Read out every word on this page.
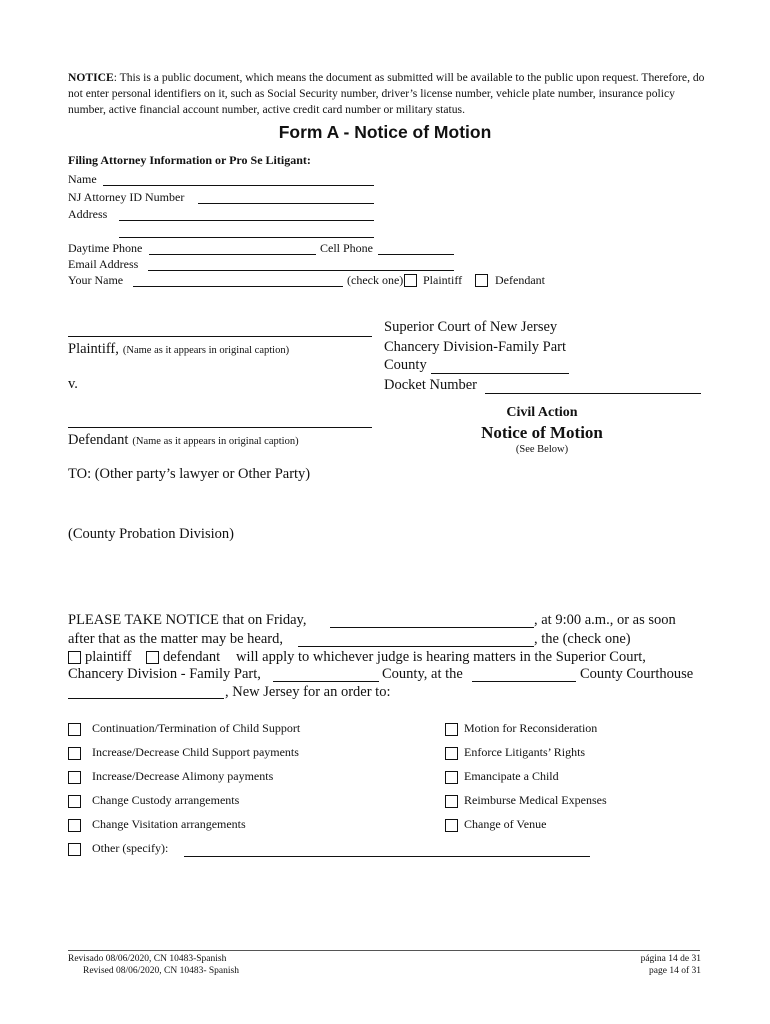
NOTICE: This is a public document, which means the document as submitted will be available to the public upon request. Therefore, do not enter personal identifiers on it, such as Social Security number, driver’s license number, vehicle plate number, insurance policy number, active financial account number, active credit card number or military status.
Form A - Notice of Motion
Filing Attorney Information or Pro Se Litigant:
Name
NJ Attorney ID Number
Address
Daytime Phone	Cell Phone
Email Address
Your Name	(check one) Plaintiff	Defendant
Plaintiff, (Name as it appears in original caption)
v.
Defendant (Name as it appears in original caption)
Superior Court of New Jersey
Chancery Division-Family Part
County
Docket Number
Civil Action
Notice of Motion
(See Below)
TO: (Other party’s lawyer or Other Party)
(County Probation Division)
PLEASE TAKE NOTICE that on Friday,	, at 9:00 a.m., or as soon
after that as the matter may be heard,	, the (check one)
plaintiff defendant will apply to whichever judge is hearing matters in the Superior Court,
Chancery Division - Family Part,	County, at the	County Courthouse
, New Jersey for an order to:
Continuation/Termination of Child Support
Increase/Decrease Child Support payments
Increase/Decrease Alimony payments
Change Custody arrangements
Change Visitation arrangements
Other (specify):
Motion for Reconsideration
Enforce Litigants’ Rights
Emancipate a Child
Reimburse Medical Expenses
Change of Venue
Revisado 08/06/2020, CN 10483-Spanish
Revised 08/06/2020, CN 10483- Spanish
página 14 de 31
page 14 of 31
